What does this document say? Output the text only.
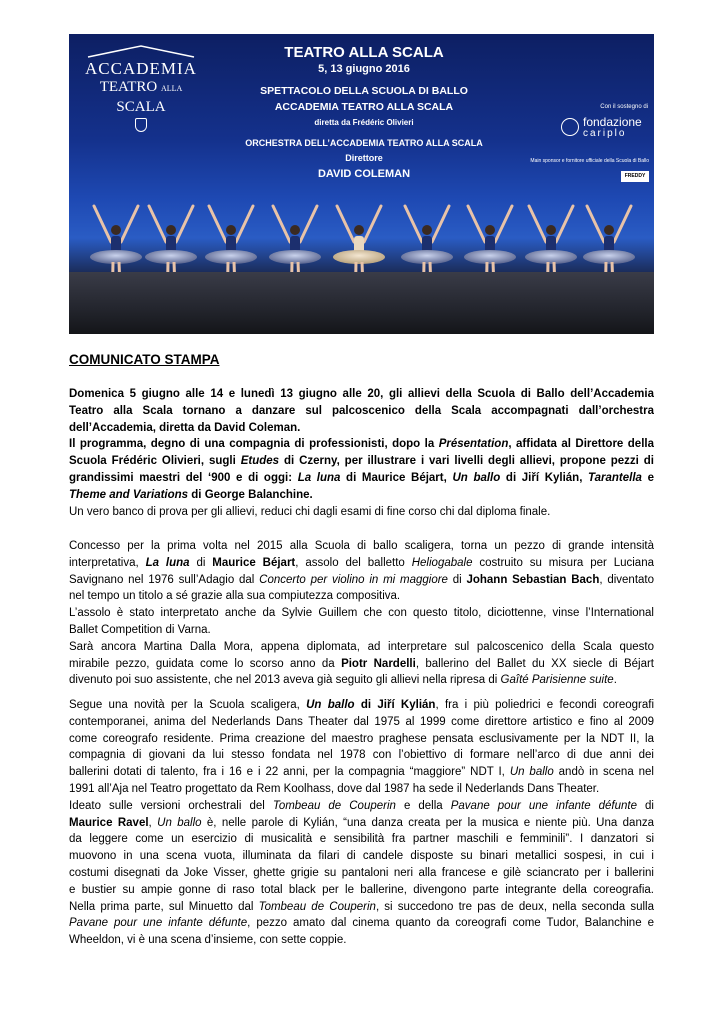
ACCADEMIA
TEATRO ALLA SCALA
TEATRO ALLA SCALA
5, 13 giugno 2016
SPETTACOLO DELLA SCUOLA DI BALLO
ACCADEMIA TEATRO ALLA SCALA
diretta da Frédéric Olivieri
ORCHESTRA DELL’ACCADEMIA TEATRO ALLA SCALA
Direttore
DAVID COLEMAN
Con il sostegno di
fondazione
cariplo
Main sponsor e fornitore ufficiale della Scuola di Ballo
FREDDY
COMUNICATO STAMPA
Domenica 5 giugno alle 14 e lunedì 13 giugno alle 20, gli allievi della Scuola di Ballo dell’Accademia
Teatro alla Scala tornano a danzare sul palcoscenico della Scala accompagnati dall’orchestra
dell’Accademia, diretta da David Coleman.
Il programma, degno di una compagnia di professionisti, dopo la Présentation, affidata al Direttore della
Scuola Frédéric Olivieri, sugli Etudes di Czerny, per illustrare i vari livelli degli allievi, propone pezzi di
grandissimi maestri del ‘900 e di oggi: La luna di Maurice Béjart, Un ballo di Jiří Kylián, Tarantella e
Theme and Variations di George Balanchine.
Un vero banco di prova per gli allievi, reduci chi dagli esami di fine corso chi dal diploma finale.
Concesso per la prima volta nel 2015 alla Scuola di ballo scaligera, torna un pezzo di grande intensità
interpretativa, La luna di Maurice Béjart, assolo del balletto Heliogabale costruito su misura per Luciana
Savignano nel 1976 sull’Adagio dal Concerto per violino in mi maggiore di Johann Sebastian Bach, diventato
nel tempo un titolo a sé grazie alla sua compiutezza compositiva.
L’assolo è stato interpretato anche da Sylvie Guillem che con questo titolo, diciottenne, vinse l’International
Ballet Competition di Varna.
Sarà ancora Martina Dalla Mora, appena diplomata, ad interpretare sul palcoscenico della Scala questo
mirabile pezzo, guidata come lo scorso anno da Piotr Nardelli, ballerino del Ballet du XX siecle di Béjart
divenuto poi suo assistente, che nel 2013 aveva già seguito gli allievi nella ripresa di Gaîté Parisienne suite.
Segue una novità per la Scuola scaligera, Un ballo di Jiří Kylián, fra i più poliedrici e fecondi coreografi
contemporanei, anima del Nederlands Dans Theater dal 1975 al 1999 come direttore artistico e fino al 2009
come coreografo residente. Prima creazione del maestro praghese pensata esclusivamente per la NDT II, la
compagnia di giovani da lui stesso fondata nel 1978 con l’obiettivo di formare nell’arco di due anni dei
ballerini dotati di talento, fra i 16 e i 22 anni, per la compagnia “maggiore” NDT I, Un ballo andò in scena nel
1991 all’Aja nel Teatro progettato da Rem Koolhass, dove dal 1987 ha sede il Nederlands Dans Theater.
Ideato sulle versioni orchestrali del Tombeau de Couperin e della Pavane pour une infante défunte di
Maurice Ravel, Un ballo è, nelle parole di Kylián, “una danza creata per la musica e niente più. Una danza
da leggere come un esercizio di musicalità e sensibilità fra partner maschili e femminili”. I danzatori si
muovono in una scena vuota, illuminata da filari di candele disposte su binari metallici sospesi, in cui i
costumi disegnati da Joke Visser, ghette grigie su pantaloni neri alla francese e gilè sciancrato per i ballerini
e bustier su ampie gonne di raso total black per le ballerine, divengono parte integrante della coreografia.
Nella prima parte, sul Minuetto dal Tombeau de Couperin, si succedono tre pas de deux, nella seconda sulla
Pavane pour une infante défunte, pezzo amato dal cinema quanto da coreografi come Tudor, Balanchine e
Wheeldon, vi è una scena d’insieme, con sette coppie.
